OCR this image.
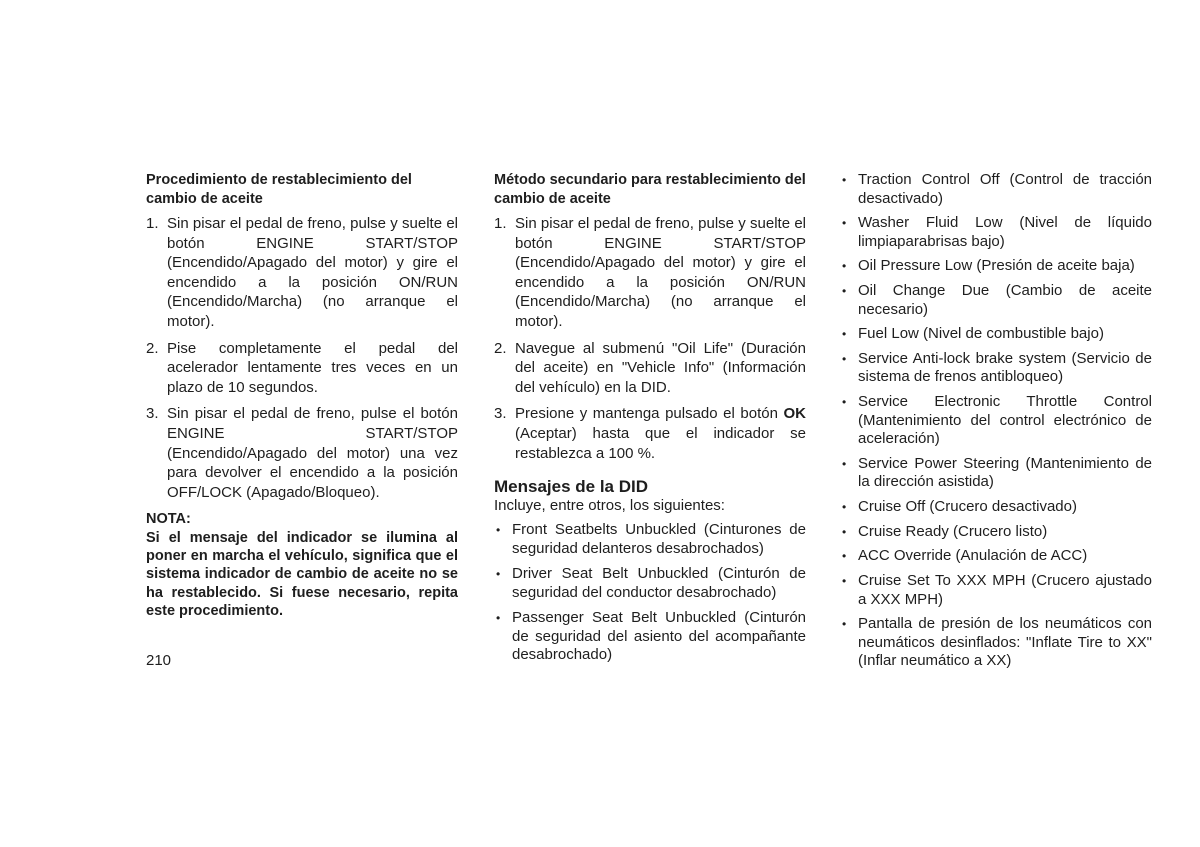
Procedimiento de restablecimiento del cambio de aceite
1. Sin pisar el pedal de freno, pulse y suelte el botón ENGINE START/STOP (Encendido/Apagado del motor) y gire el encendido a la posición ON/RUN (Encendido/Marcha) (no arranque el motor).
2. Pise completamente el pedal del acelerador lentamente tres veces en un plazo de 10 segundos.
3. Sin pisar el pedal de freno, pulse el botón ENGINE START/STOP (Encendido/Apagado del motor) una vez para devolver el encendido a la posición OFF/LOCK (Apagado/Bloqueo).
NOTA:
Si el mensaje del indicador se ilumina al poner en marcha el vehículo, significa que el sistema indicador de cambio de aceite no se ha restablecido. Si fuese necesario, repita este procedimiento.
Método secundario para restablecimiento del cambio de aceite
1. Sin pisar el pedal de freno, pulse y suelte el botón ENGINE START/STOP (Encendido/Apagado del motor) y gire el encendido a la posición ON/RUN (Encendido/Marcha) (no arranque el motor).
2. Navegue al submenú "Oil Life" (Duración del aceite) en "Vehicle Info" (Información del vehículo) en la DID.
3. Presione y mantenga pulsado el botón OK (Aceptar) hasta que el indicador se restablezca a 100 %.
Mensajes de la DID
Incluye, entre otros, los siguientes:
• Front Seatbelts Unbuckled (Cinturones de seguridad delanteros desabrochados)
• Driver Seat Belt Unbuckled (Cinturón de seguridad del conductor desabrochado)
• Passenger Seat Belt Unbuckled (Cinturón de seguridad del asiento del acompañante desabrochado)
• Traction Control Off (Control de tracción desactivado)
• Washer Fluid Low (Nivel de líquido limpiaparabrisas bajo)
• Oil Pressure Low (Presión de aceite baja)
• Oil Change Due (Cambio de aceite necesario)
• Fuel Low (Nivel de combustible bajo)
• Service Anti-lock brake system (Servicio de sistema de frenos antibloqueo)
• Service Electronic Throttle Control (Mantenimiento del control electrónico de aceleración)
• Service Power Steering (Mantenimiento de la dirección asistida)
• Cruise Off (Crucero desactivado)
• Cruise Ready (Crucero listo)
• ACC Override (Anulación de ACC)
• Cruise Set To XXX MPH (Crucero ajustado a XXX MPH)
• Pantalla de presión de los neumáticos con neumáticos desinflados: "Inflate Tire to XX" (Inflar neumático a XX)
210
